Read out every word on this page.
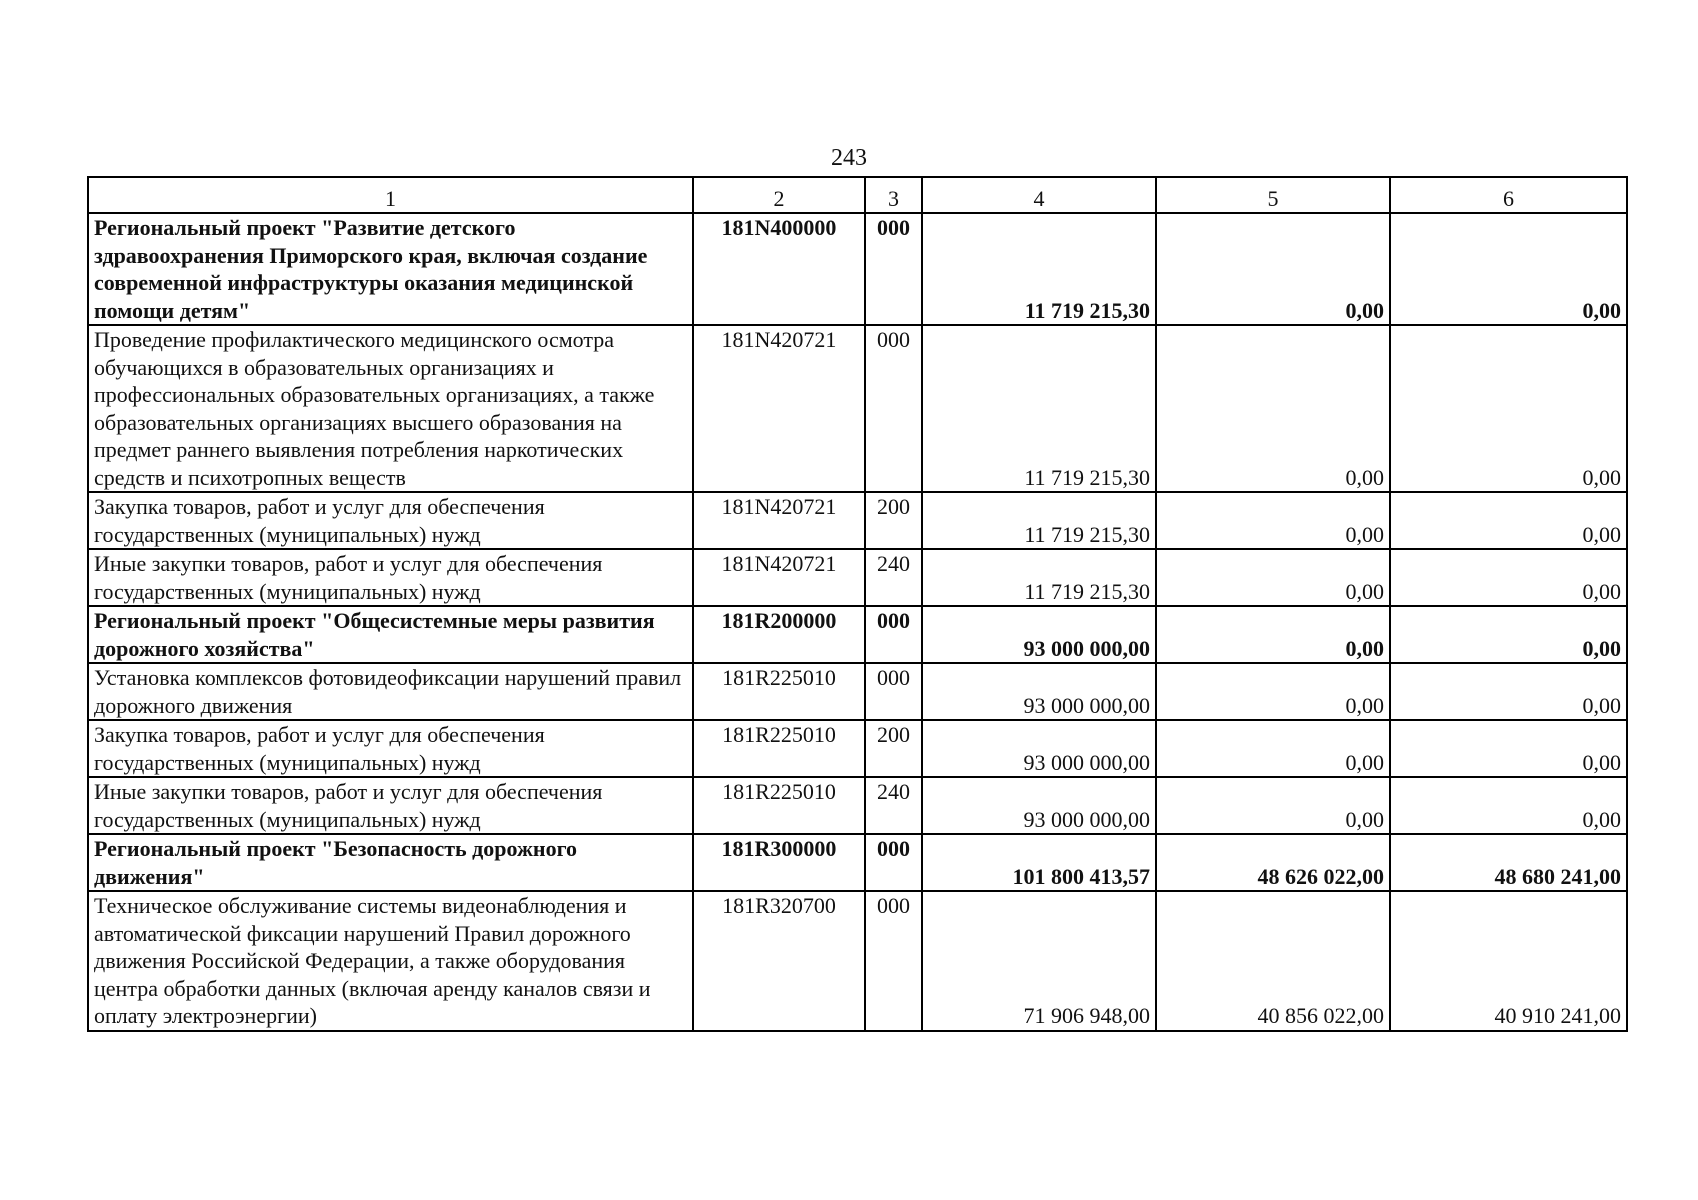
243
1	2	3	4	5	6
Региональный проект "Развитие детского здравоохранения Приморского края, включая создание современной инфраструктуры оказания медицинской помощи детям"	181N400000	000	11 719 215,30	0,00	0,00
Проведение профилактического медицинского осмотра обучающихся в образовательных организациях и профессиональных образовательных организациях, а также образовательных организациях высшего образования на предмет раннего выявления потребления наркотических средств и психотропных веществ	181N420721	000	11 719 215,30	0,00	0,00
Закупка товаров, работ и услуг для обеспечения государственных (муниципальных) нужд	181N420721	200	11 719 215,30	0,00	0,00
Иные закупки товаров, работ и услуг для обеспечения государственных (муниципальных) нужд	181N420721	240	11 719 215,30	0,00	0,00
Региональный проект "Общесистемные меры развития дорожного хозяйства"	181R200000	000	93 000 000,00	0,00	0,00
Установка комплексов фотовидеофиксации нарушений правил дорожного движения	181R225010	000	93 000 000,00	0,00	0,00
Закупка товаров, работ и услуг для обеспечения государственных (муниципальных) нужд	181R225010	200	93 000 000,00	0,00	0,00
Иные закупки товаров, работ и услуг для обеспечения государственных (муниципальных) нужд	181R225010	240	93 000 000,00	0,00	0,00
Региональный проект "Безопасность дорожного движения"	181R300000	000	101 800 413,57	48 626 022,00	48 680 241,00
Техническое обслуживание системы видеонаблюдения и автоматической фиксации нарушений Правил дорожного движения Российской Федерации, а также оборудования центра обработки данных (включая аренду каналов связи и оплату электроэнергии)	181R320700	000	71 906 948,00	40 856 022,00	40 910 241,00
